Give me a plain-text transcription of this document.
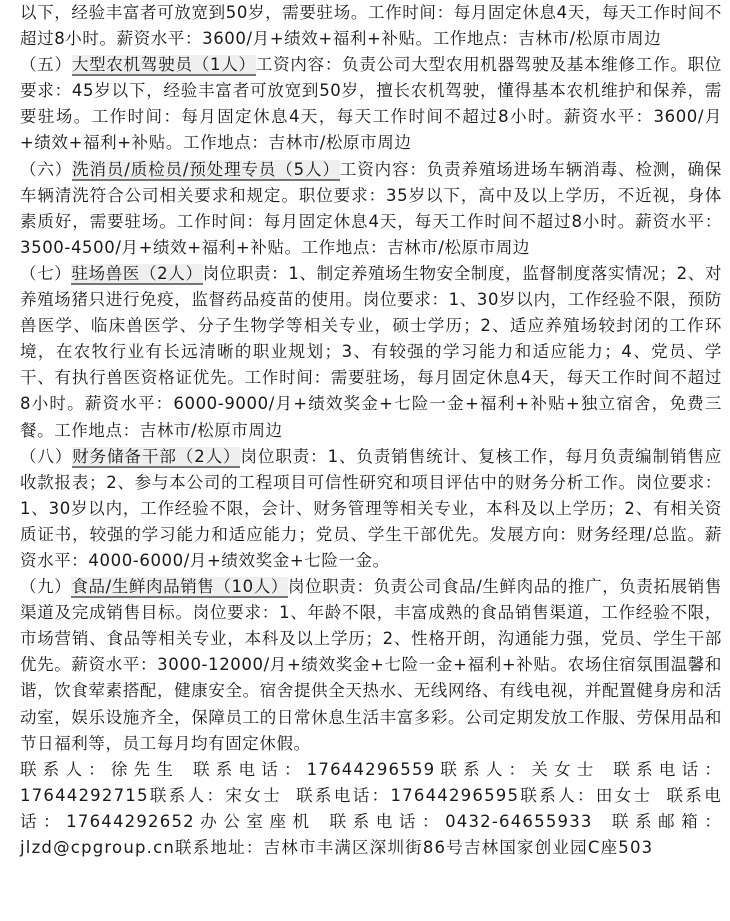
以下，经验丰富者可放宽到50岁，需要驻场。工作时间：每月固定休息4天，每天工作时间不超过8小时。薪资水平：3600/月+绩效+福利+补贴。工作地点：吉林市/松原市周边

（五）大型农机驾驶员（1人）工资内容：负责公司大型农用机器驾驶及基本维修工作。职位要求：45岁以下，经验丰富者可放宽到50岁，擅长农机驾驶，懂得基本农机维护和保养，需要驻场。工作时间：每月固定休息4天，每天工作时间不超过8小时。薪资水平：3600/月+绩效+福利+补贴。工作地点：吉林市/松原市周边

（六）洗消员/质检员/预处理专员（5人）工资内容：负责养殖场进场车辆消毒、检测，确保车辆清洗符合公司相关要求和规定。职位要求：35岁以下，高中及以上学历，不近视，身体素质好，需要驻场。工作时间：每月固定休息4天，每天工作时间不超过8小时。薪资水平：3500-4500/月+绩效+福利+补贴。工作地点：吉林市/松原市周边

（七）驻场兽医（2人）岗位职责：1、制定养殖场生物安全制度，监督制度落实情况；2、对养殖场猪只进行免疫，监督药品疫苗的使用。岗位要求：1、30岁以内，工作经验不限，预防兽医学、临床兽医学、分子生物学等相关专业，硕士学历；2、适应养殖场较封闭的工作环境，在农牧行业有长远清晰的职业规划；3、有较强的学习能力和适应能力；4、党员、学干、有执行兽医资格证优先。工作时间：需要驻场，每月固定休息4天，每天工作时间不超过8小时。薪资水平：6000-9000/月+绩效奖金+七险一金+福利+补贴+独立宿舍，免费三餐。工作地点：吉林市/松原市周边

（八）财务储备干部（2人）岗位职责：1、负责销售统计、复核工作，每月负责编制销售应收款报表；2、参与本公司的工程项目可信性研究和项目评估中的财务分析工作。岗位要求：1、30岁以内，工作经验不限，会计、财务管理等相关专业，本科及以上学历；2、有相关资质证书，较强的学习能力和适应能力；党员、学生干部优先。发展方向：财务经理/总监。薪资水平：4000-6000/月+绩效奖金+七险一金。

（九）食品/生鲜肉品销售（10人）岗位职责：负责公司食品/生鲜肉品的推广，负责拓展销售渠道及完成销售目标。岗位要求：1、年龄不限，丰富成熟的食品销售渠道，工作经验不限，市场营销、食品等相关专业，本科及以上学历；2、性格开朗，沟通能力强，党员、学生干部优先。薪资水平：3000-12000/月+绩效奖金+七险一金+福利+补贴。农场住宿氛围温馨和谐，饮食荤素搭配，健康安全。宿舍提供全天热水、无线网络、有线电视，并配置健身房和活动室，娱乐设施齐全，保障员工的日常休息生活丰富多彩。公司定期发放工作服、劳保用品和节日福利等，员工每月均有固定休假。

联系人：徐先生 联系电话：17644296559联系人：关女士 联系电话：17644292715联系人：宋女士 联系电话：17644296595联系人：田女士 联系电话：17644292652办公室座机 联系电话：0432-64655933 联系邮箱：jlzd@cpgroup.cn联系地址：吉林市丰满区深圳街86号吉林国家创业园C座503
